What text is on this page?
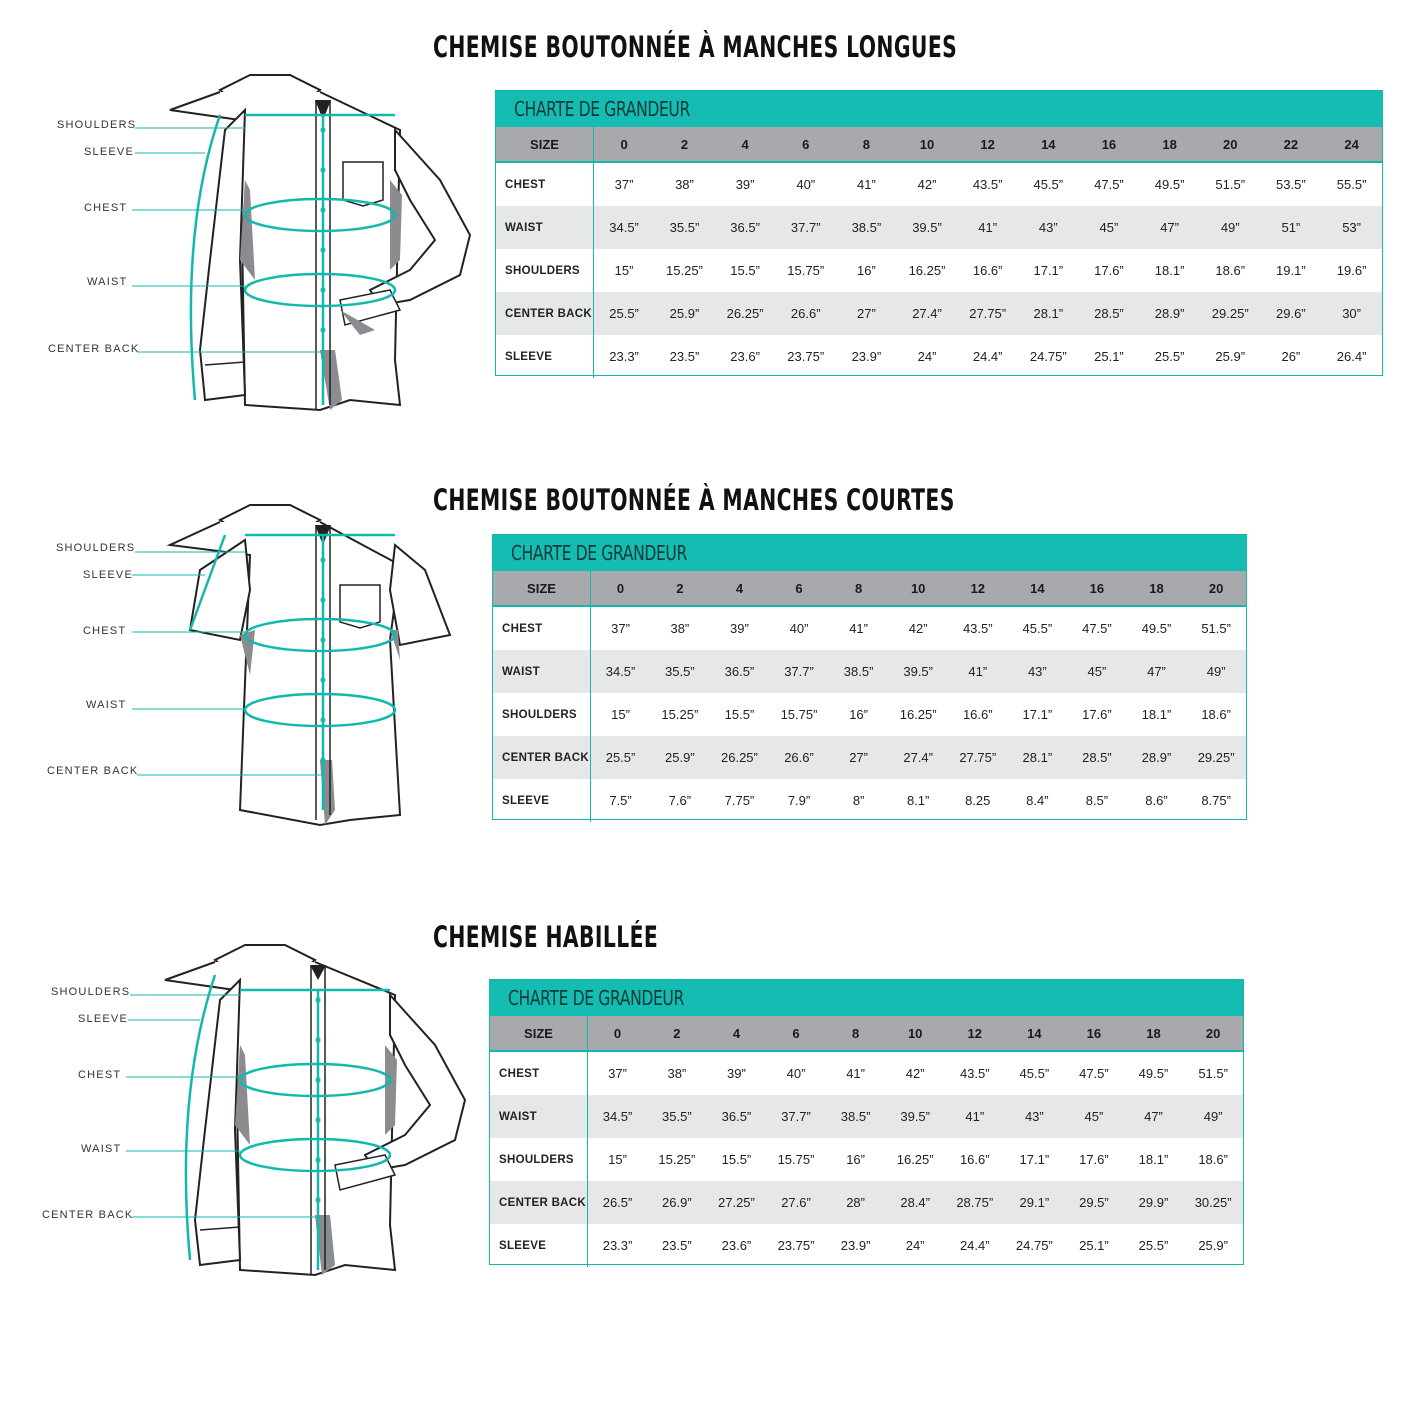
CHEMISE BOUTONNÉE À MANCHES LONGUES
SHOULDERS
SLEEVE
CHEST
WAIST
CENTER BACK
CHARTE DE GRANDEUR
SIZE	0	2	4	6	8	10	12	14	16	18	20	22	24
CHEST	37”	38”	39”	40”	41”	42”	43.5”	45.5”	47.5”	49.5”	51.5”	53.5”	55.5”
WAIST	34.5”	35.5”	36.5”	37.7”	38.5”	39.5”	41”	43”	45”	47”	49”	51”	53”
SHOULDERS	15”	15.25”	15.5”	15.75”	16”	16.25”	16.6”	17.1”	17.6”	18.1”	18.6”	19.1”	19.6”
CENTER BACK	25.5”	25.9”	26.25”	26.6”	27”	27.4”	27.75”	28.1”	28.5”	28.9”	29.25”	29.6”	30”
SLEEVE	23.3”	23.5”	23.6”	23.75”	23.9”	24”	24.4”	24.75”	25.1”	25.5”	25.9”	26”	26.4”
CHEMISE BOUTONNÉE À MANCHES COURTES
SHOULDERS
SLEEVE
CHEST
WAIST
CENTER BACK
CHARTE DE GRANDEUR
SIZE	0	2	4	6	8	10	12	14	16	18	20
CHEST	37”	38”	39”	40”	41”	42”	43.5”	45.5”	47.5”	49.5”	51.5”
WAIST	34.5”	35.5”	36.5”	37.7”	38.5”	39.5”	41”	43”	45”	47”	49”
SHOULDERS	15”	15.25”	15.5”	15.75”	16”	16.25”	16.6”	17.1”	17.6”	18.1”	18.6”
CENTER BACK	25.5”	25.9”	26.25”	26.6”	27”	27.4”	27.75”	28.1”	28.5”	28.9”	29.25”
SLEEVE	7.5”	7.6”	7.75”	7.9”	8”	8.1”	8.25	8.4”	8.5”	8.6”	8.75”
CHEMISE HABILLÉE
SHOULDERS
SLEEVE
CHEST
WAIST
CENTER BACK
CHARTE DE GRANDEUR
SIZE	0	2	4	6	8	10	12	14	16	18	20
CHEST	37”	38”	39”	40”	41”	42”	43.5”	45.5”	47.5”	49.5”	51.5”
WAIST	34.5”	35.5”	36.5”	37.7”	38.5”	39.5”	41”	43”	45”	47”	49”
SHOULDERS	15”	15.25”	15.5”	15.75”	16”	16.25”	16.6”	17.1”	17.6”	18.1”	18.6”
CENTER BACK	26.5”	26.9”	27.25”	27.6”	28”	28.4”	28.75”	29.1”	29.5”	29.9”	30.25”
SLEEVE	23.3”	23.5”	23.6”	23.75”	23.9”	24”	24.4”	24.75”	25.1”	25.5”	25.9”
